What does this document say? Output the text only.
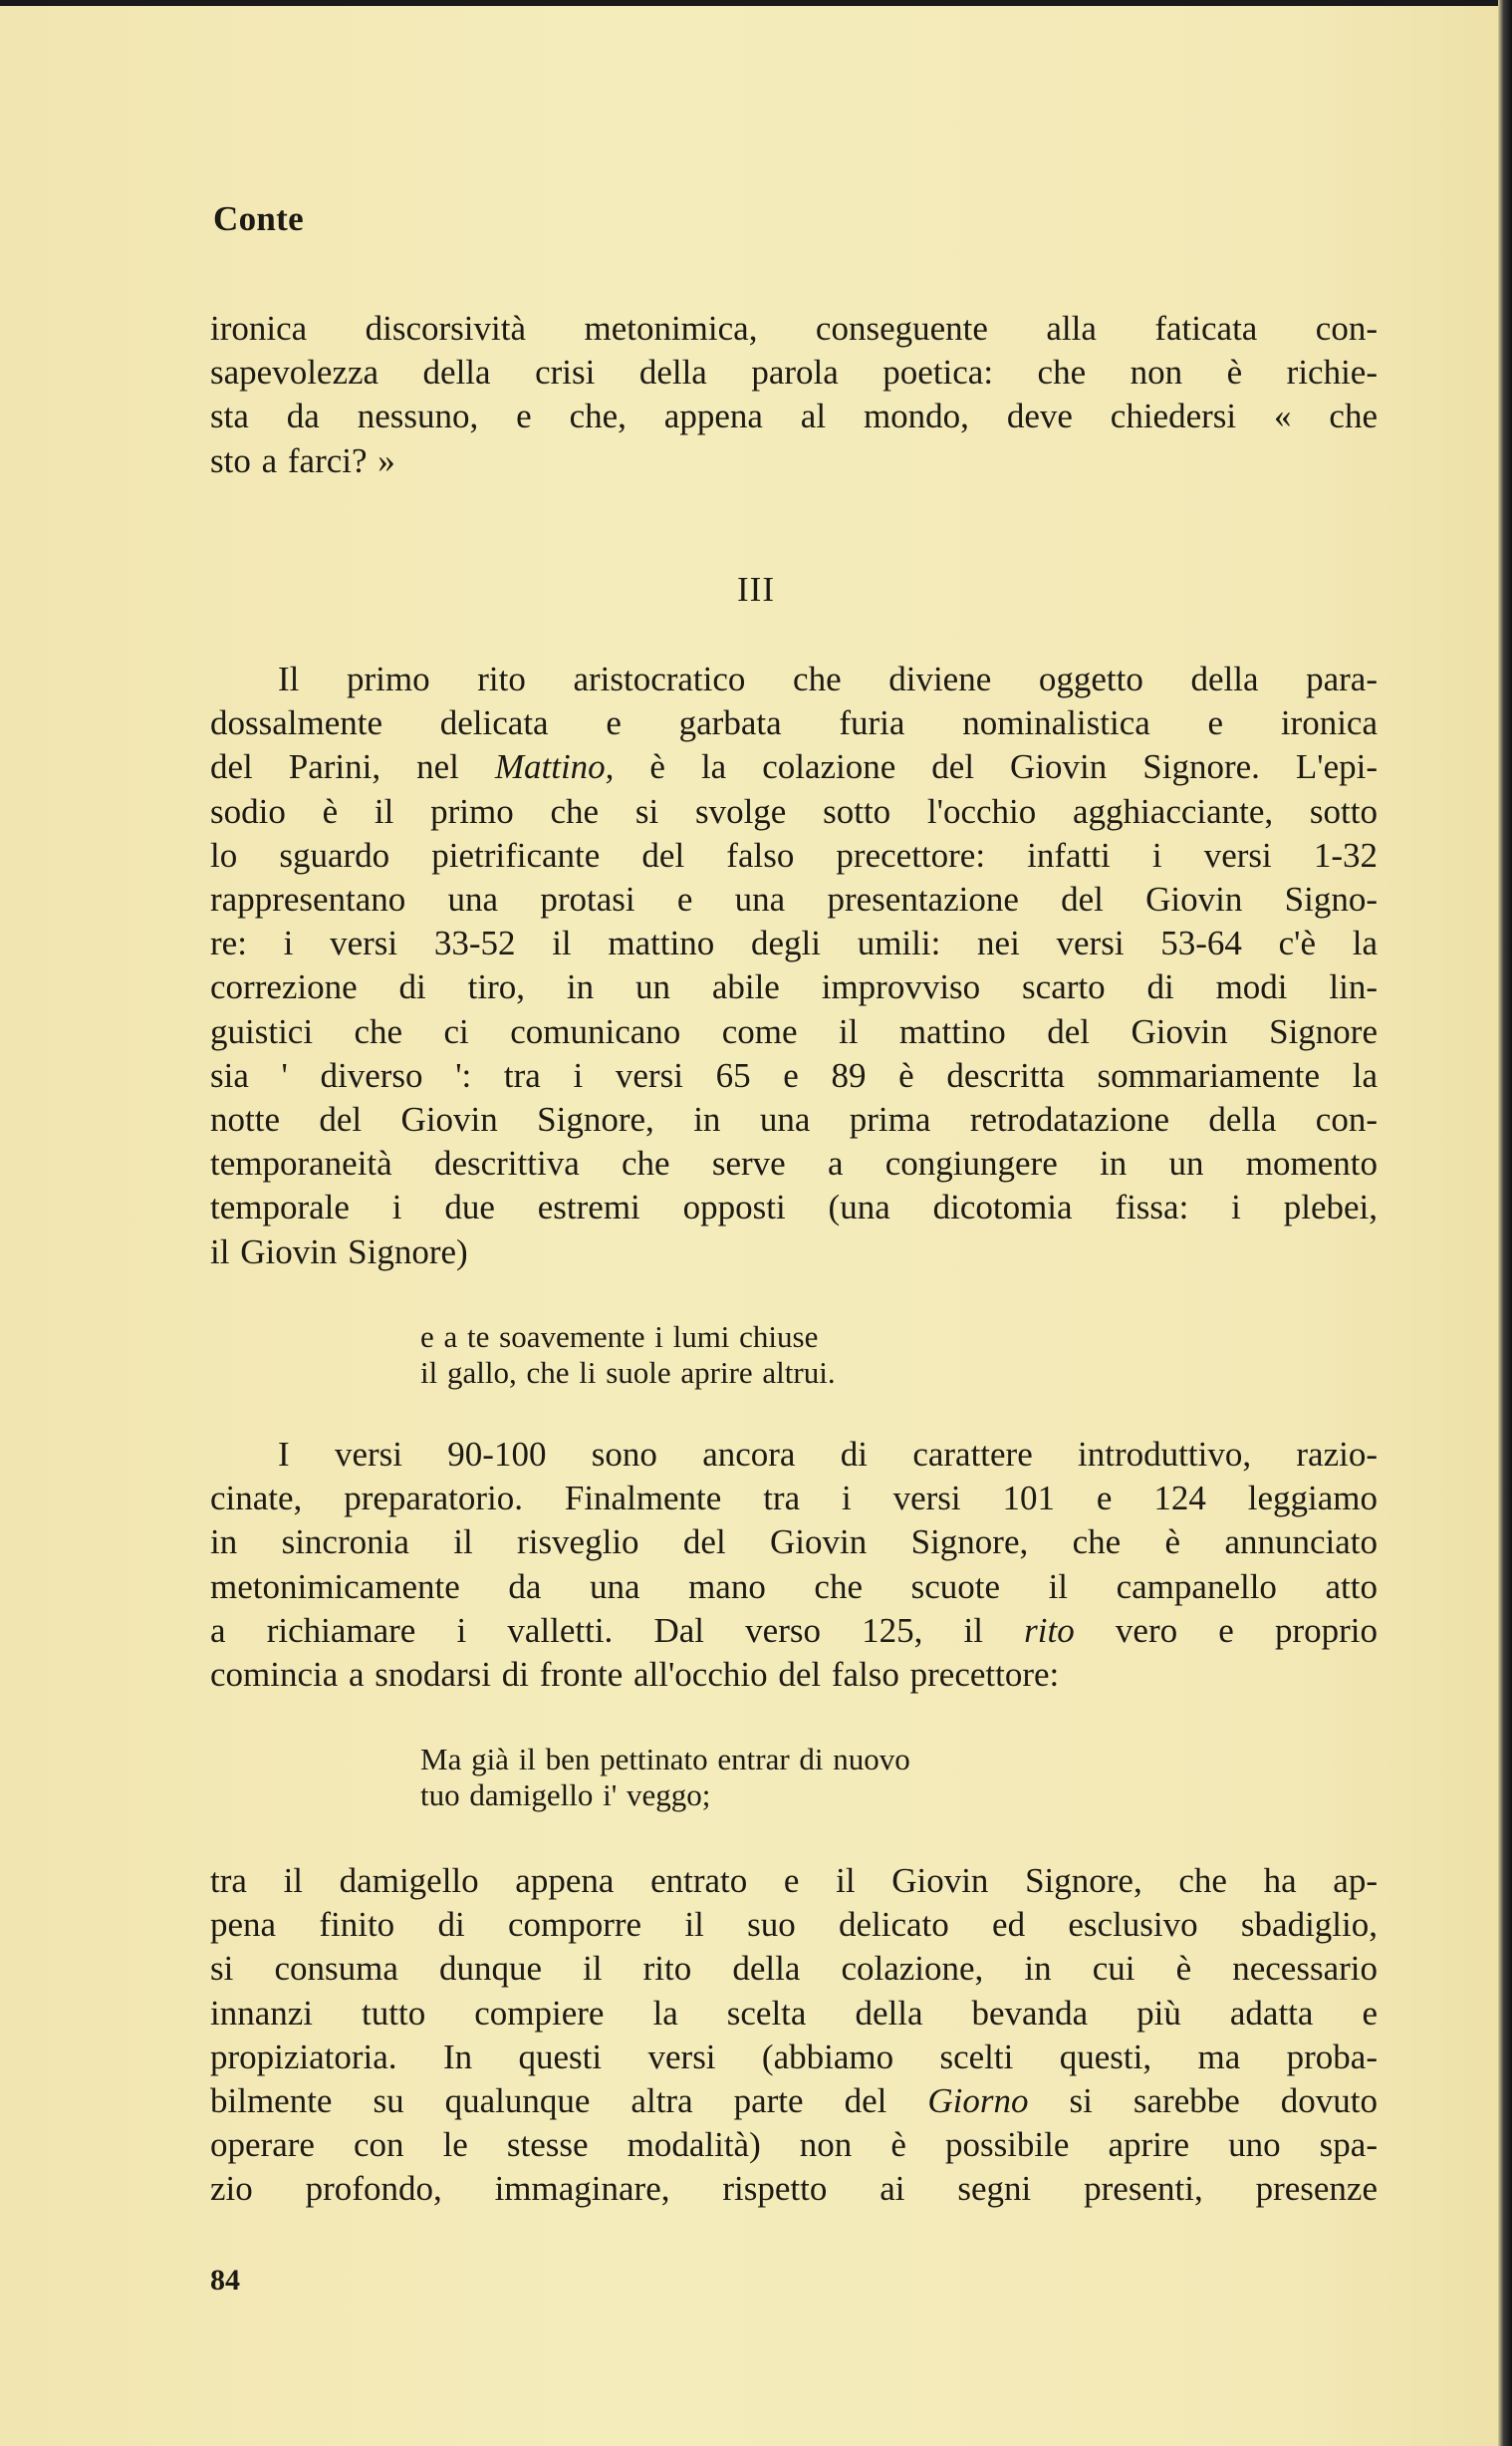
Conte
ironica discorsività metonimica, conseguente alla faticata con-
sapevolezza della crisi della parola poetica: che non è richie-
sta da nessuno, e che, appena al mondo, deve chiedersi « che
sto a farci? »
III
Il primo rito aristocratico che diviene oggetto della para-
dossalmente delicata e garbata furia nominalistica e ironica
del Parini, nel Mattino, è la colazione del Giovin Signore. L'epi-
sodio è il primo che si svolge sotto l'occhio agghiacciante, sotto
lo sguardo pietrificante del falso precettore: infatti i versi 1-32
rappresentano una protasi e una presentazione del Giovin Signo-
re: i versi 33-52 il mattino degli umili: nei versi 53-64 c'è la
correzione di tiro, in un abile improvviso scarto di modi lin-
guistici che ci comunicano come il mattino del Giovin Signore
sia ' diverso ': tra i versi 65 e 89 è descritta sommariamente la
notte del Giovin Signore, in una prima retrodatazione della con-
temporaneità descrittiva che serve a congiungere in un momento
temporale i due estremi opposti (una dicotomia fissa: i plebei,
il Giovin Signore)
e a te soavemente i lumi chiuse
il gallo, che li suole aprire altrui.
I versi 90-100 sono ancora di carattere introduttivo, razio-
cinate, preparatorio. Finalmente tra i versi 101 e 124 leggiamo
in sincronia il risveglio del Giovin Signore, che è annunciato
metonimicamente da una mano che scuote il campanello atto
a richiamare i valletti. Dal verso 125, il rito vero e proprio
comincia a snodarsi di fronte all'occhio del falso precettore:
Ma già il ben pettinato entrar di nuovo
tuo damigello i' veggo;
tra il damigello appena entrato e il Giovin Signore, che ha ap-
pena finito di comporre il suo delicato ed esclusivo sbadiglio,
si consuma dunque il rito della colazione, in cui è necessario
innanzi tutto compiere la scelta della bevanda più adatta e
propiziatoria. In questi versi (abbiamo scelti questi, ma proba-
bilmente su qualunque altra parte del Giorno si sarebbe dovuto
operare con le stesse modalità) non è possibile aprire uno spa-
zio profondo, immaginare, rispetto ai segni presenti, presenze
84
